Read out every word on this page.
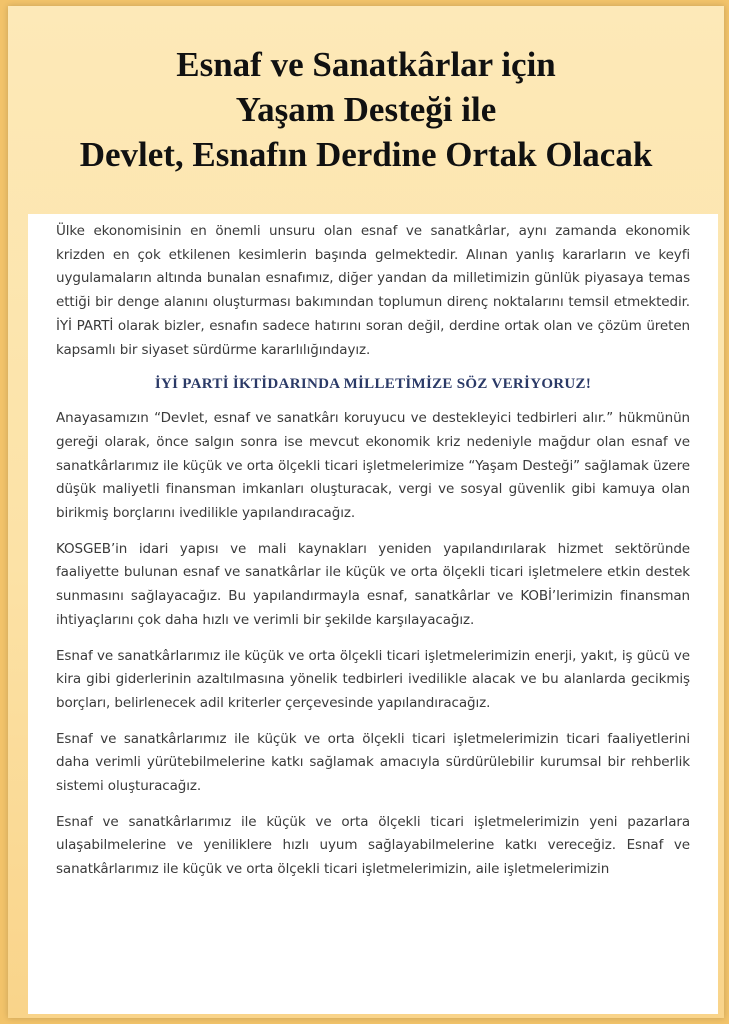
Esnaf ve Sanatkârlar için
Yaşam Desteği ile
Devlet, Esnafın Derdine Ortak Olacak

Ülke ekonomisinin en önemli unsuru olan esnaf ve sanatkârlar, aynı zamanda ekonomik krizden en çok etkilenen kesimlerin başında gelmektedir. Alınan yanlış kararların ve keyfi uygulamaların altında bunalan esnafımız, diğer yandan da milletimizin günlük piyasaya temas ettiği bir denge alanını oluşturması bakımından toplumun direnç noktalarını temsil etmektedir. İYİ PARTİ olarak bizler, esnafın sadece hatırını soran değil, derdine ortak olan ve çözüm üreten kapsamlı bir siyaset sürdürme kararlılığındayız.

İYİ PARTİ İKTİDARINDA MİLLETİMİZE SÖZ VERİYORUZ!

Anayasamızın “Devlet, esnaf ve sanatkârı koruyucu ve destekleyici tedbirleri alır.” hükmünün gereği olarak, önce salgın sonra ise mevcut ekonomik kriz nedeniyle mağdur olan esnaf ve sanatkârlarımız ile küçük ve orta ölçekli ticari işletmelerimize “Yaşam Desteği” sağlamak üzere düşük maliyetli finansman imkanları oluşturacak, vergi ve sosyal güvenlik gibi kamuya olan birikmiş borçlarını ivedilikle yapılandıracağız.

KOSGEB’in idari yapısı ve mali kaynakları yeniden yapılandırılarak hizmet sektöründe faaliyette bulunan esnaf ve sanatkârlar ile küçük ve orta ölçekli ticari işletmelere etkin destek sunmasını sağlayacağız. Bu yapılandırmayla esnaf, sanatkârlar ve KOBİ’lerimizin finansman ihtiyaçlarını çok daha hızlı ve verimli bir şekilde karşılayacağız.

Esnaf ve sanatkârlarımız ile küçük ve orta ölçekli ticari işletmelerimizin enerji, yakıt, iş gücü ve kira gibi giderlerinin azaltılmasına yönelik tedbirleri ivedilikle alacak ve bu alanlarda gecikmiş borçları, belirlenecek adil kriterler çerçevesinde yapılandıracağız.

Esnaf ve sanatkârlarımız ile küçük ve orta ölçekli ticari işletmelerimizin ticari faaliyetlerini daha verimli yürütebilmelerine katkı sağlamak amacıyla sürdürülebilir kurumsal bir rehberlik sistemi oluşturacağız.

Esnaf ve sanatkârlarımız ile küçük ve orta ölçekli ticari işletmelerimizin yeni pazarlara ulaşabilmelerine ve yeniliklere hızlı uyum sağlayabilmelerine katkı vereceğiz. Esnaf ve sanatkârlarımız ile küçük ve orta ölçekli ticari işletmelerimizin, aile işletmelerimizin
